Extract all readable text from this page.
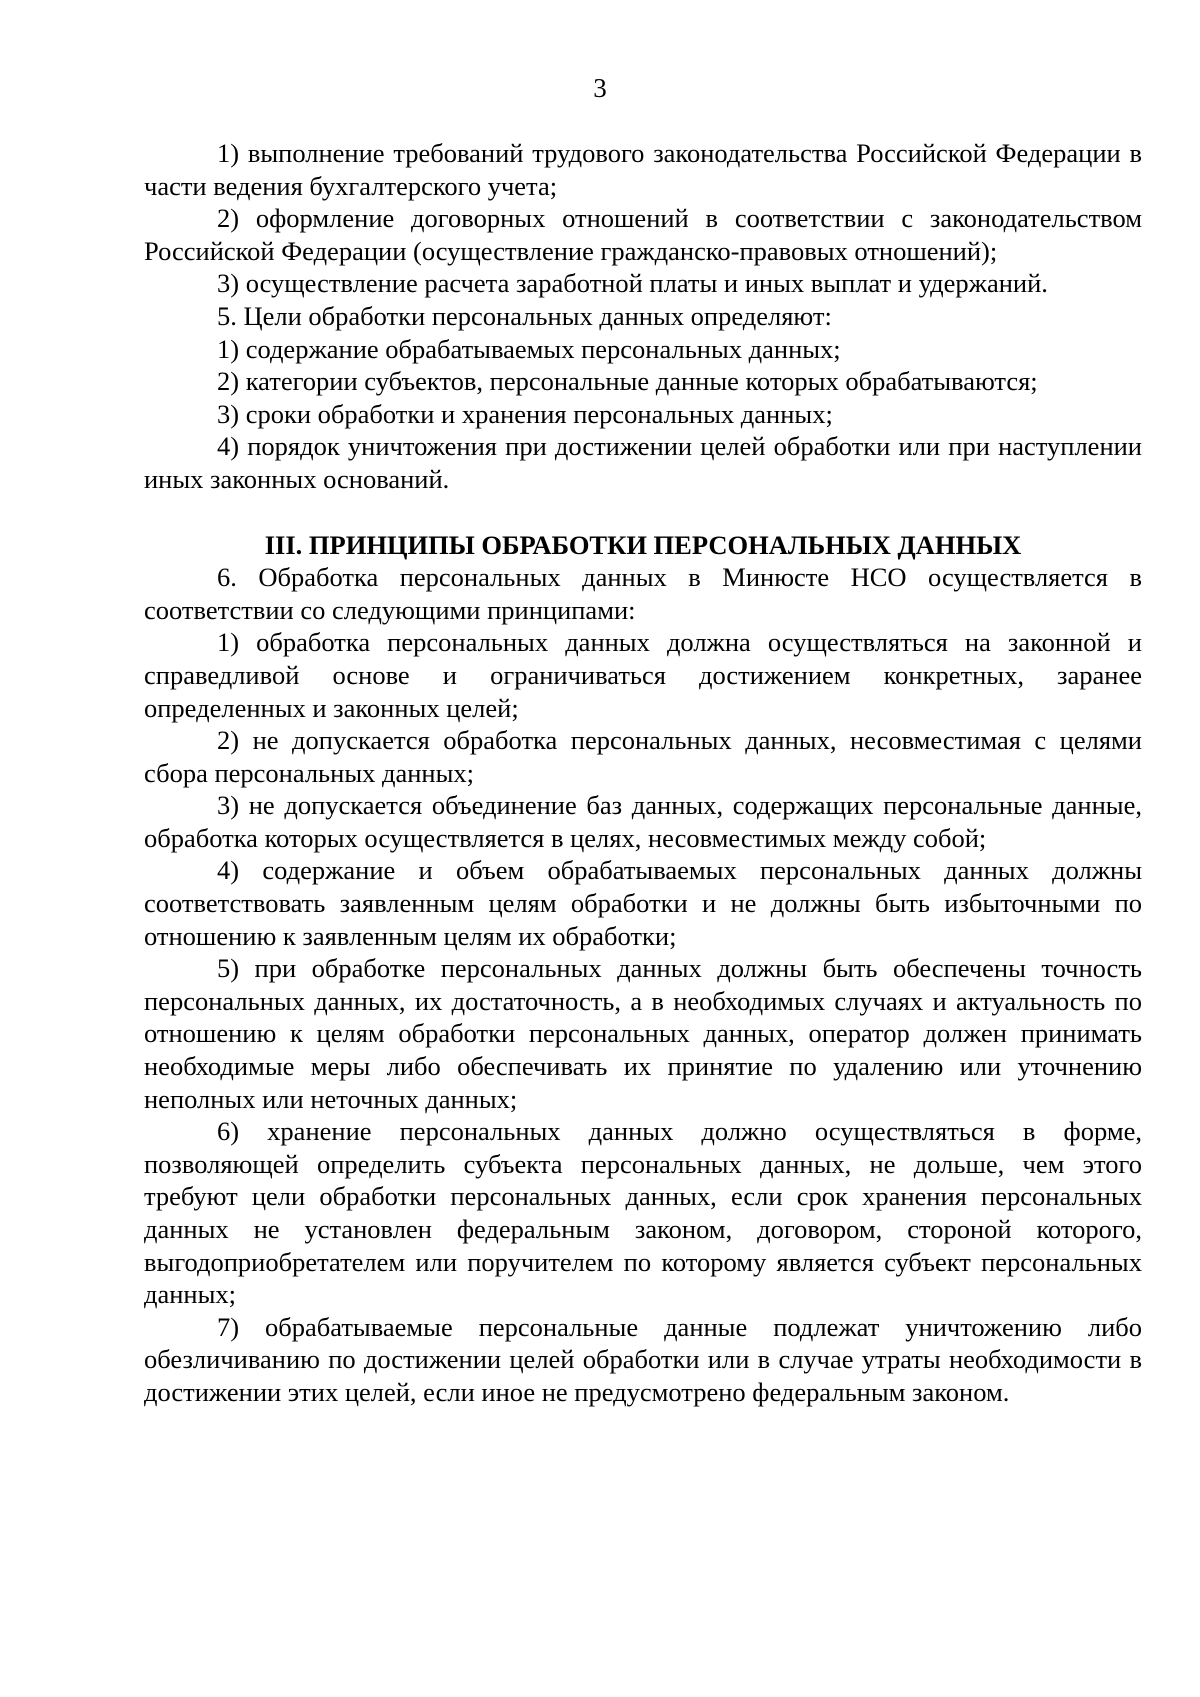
3

1) выполнение требований трудового законодательства Российской Федерации в части ведения бухгалтерского учета;

2) оформление договорных отношений в соответствии с законодательством Российской Федерации (осуществление гражданско-правовых отношений);

3) осуществление расчета заработной платы и иных выплат и удержаний.

5. Цели обработки персональных данных определяют:

1) содержание обрабатываемых персональных данных;

2) категории субъектов, персональные данные которых обрабатываются;

3) сроки обработки и хранения персональных данных;

4) порядок уничтожения при достижении целей обработки или при наступлении иных законных оснований.

III. ПРИНЦИПЫ ОБРАБОТКИ ПЕРСОНАЛЬНЫХ ДАННЫХ

6. Обработка персональных данных в Минюсте НСО осуществляется в соответствии со следующими принципами:

1) обработка персональных данных должна осуществляться на законной и справедливой основе и ограничиваться достижением конкретных, заранее определенных и законных целей;

2) не допускается обработка персональных данных, несовместимая с целями сбора персональных данных;

3) не допускается объединение баз данных, содержащих персональные данные, обработка которых осуществляется в целях, несовместимых между собой;

4) содержание и объем обрабатываемых персональных данных должны соответствовать заявленным целям обработки и не должны быть избыточными по отношению к заявленным целям их обработки;

5) при обработке персональных данных должны быть обеспечены точность персональных данных, их достаточность, а в необходимых случаях и актуальность по отношению к целям обработки персональных данных, оператор должен принимать необходимые меры либо обеспечивать их принятие по удалению или уточнению неполных или неточных данных;

6) хранение персональных данных должно осуществляться в форме, позволяющей определить субъекта персональных данных, не дольше, чем этого требуют цели обработки персональных данных, если срок хранения персональных данных не установлен федеральным законом, договором, стороной которого, выгодоприобретателем или поручителем по которому является субъект персональных данных;

7) обрабатываемые персональные данные подлежат уничтожению либо обезличиванию по достижении целей обработки или в случае утраты необходимости в достижении этих целей, если иное не предусмотрено федеральным законом.
